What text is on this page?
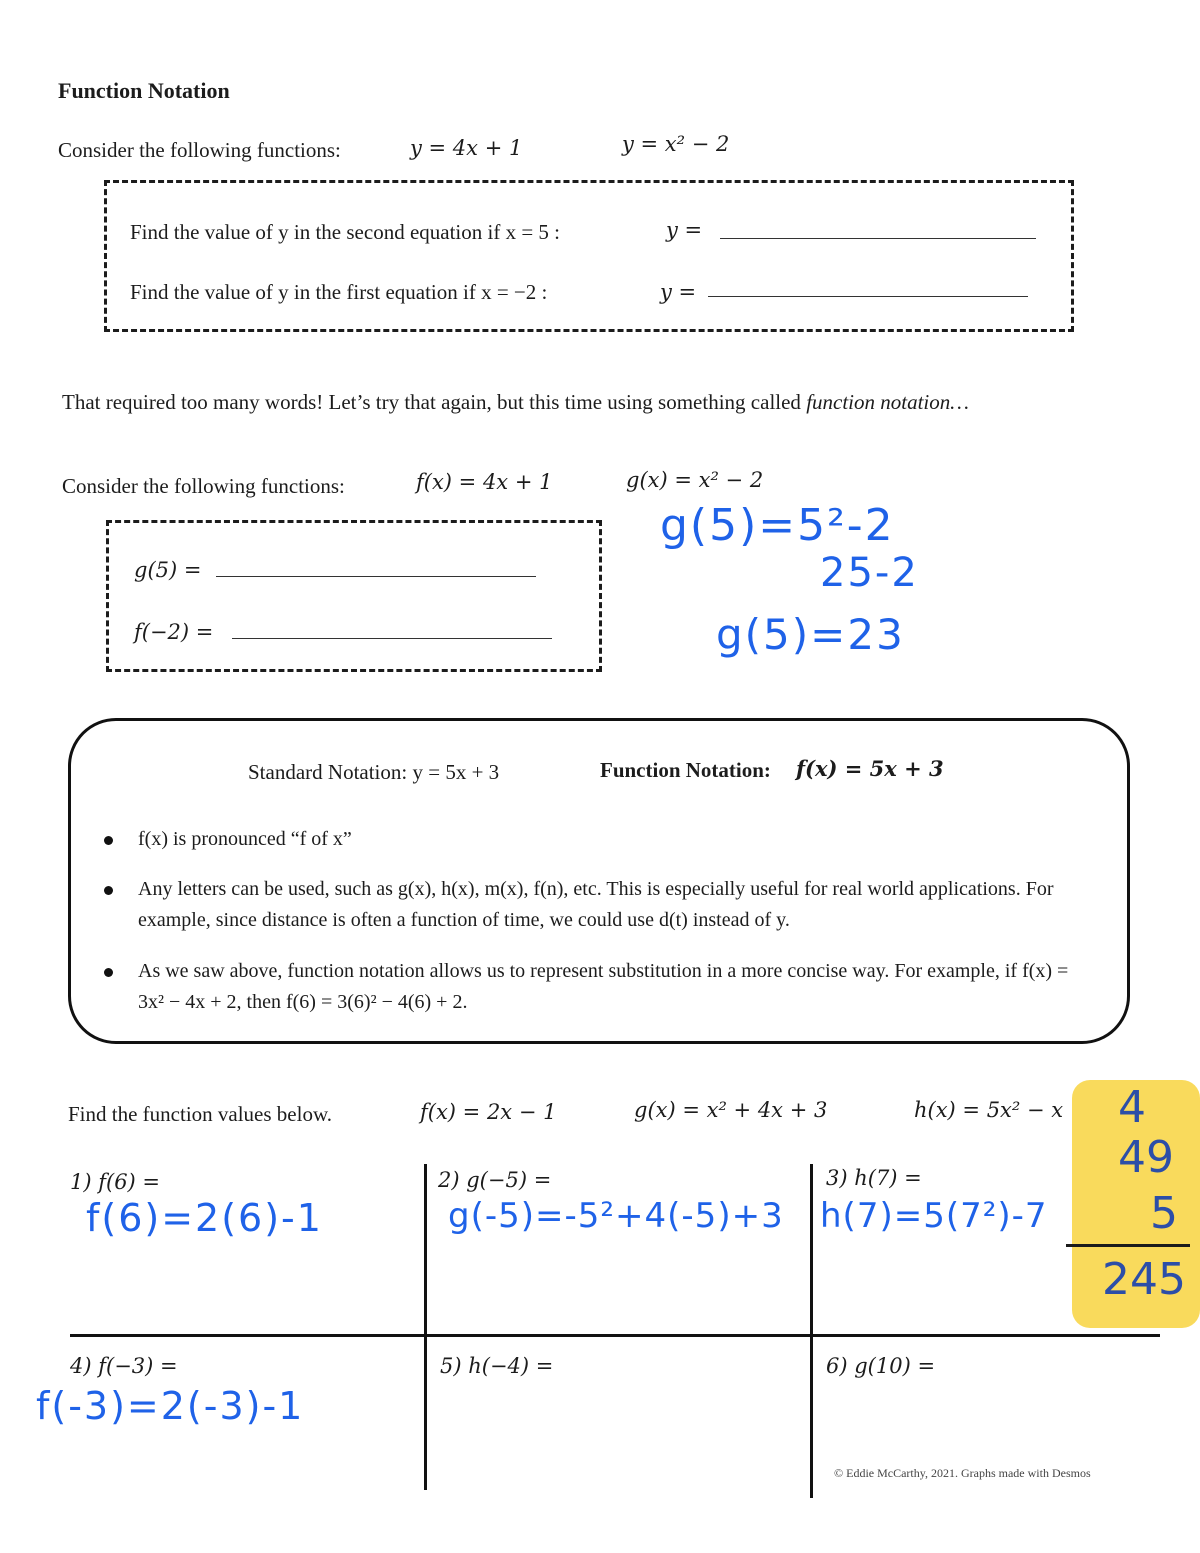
Function Notation
Consider the following functions:	y = 4x + 1	y = x² − 2
Find the value of y in the second equation if x = 5 :	y =
Find the value of y in the first equation if x = −2 :	y =
That required too many words! Let’s try that again, but this time using something called function notation…
Consider the following functions:	f(x) = 4x + 1	g(x) = x² − 2
g(5) =
f(−2) =
g(5)=5²-2
25-2
g(5)=23
Standard Notation: y = 5x + 3	Function Notation: f(x) = 5x + 3
f(x) is pronounced “f of x”
Any letters can be used, such as g(x), h(x), m(x), f(n), etc. This is especially useful for real world applications. For example, since distance is often a function of time, we could use d(t) instead of y.
As we saw above, function notation allows us to represent substitution in a more concise way. For example, if f(x) = 3x² − 4x + 2, then f(6) = 3(6)² − 4(6) + 2.
Find the function values below.	f(x) = 2x − 1	g(x) = x² + 4x + 3	h(x) = 5x² − x 4
49
5
245
1) f(6) =
f(6)=2(6)-1
2) g(−5) =
g(-5)=-5²+4(-5)+3
3) h(7) =
h(7)=5(7²)-7
4) f(−3) =
f(-3)=2(-3)-1
5) h(−4) =	6) g(10) =
© Eddie McCarthy, 2021. Graphs made with Desmos
